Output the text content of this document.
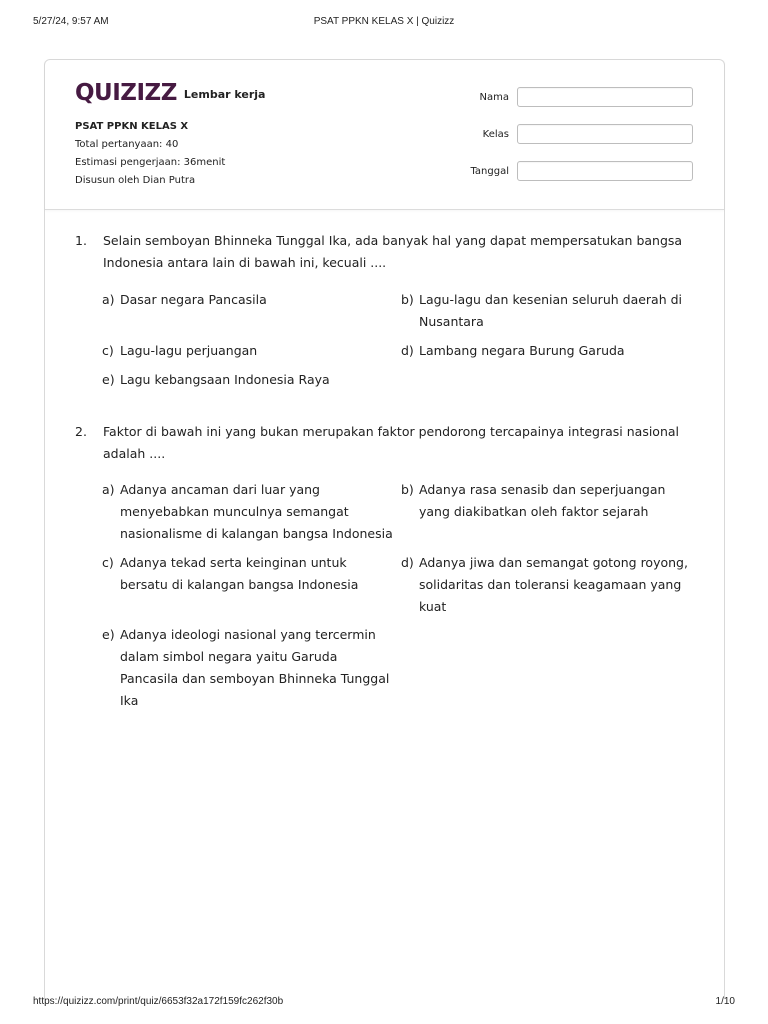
5/27/24, 9:57 AM	PSAT PPKN KELAS X | Quizizz
QUIZIZZ Lembar kerja
PSAT PPKN KELAS X
Total pertanyaan: 40
Estimasi pengerjaan: 36menit
Disusun oleh Dian Putra
Nama
Kelas
Tanggal
1.	Selain semboyan Bhinneka Tunggal Ika, ada banyak hal yang dapat mempersatukan bangsa Indonesia antara lain di bawah ini, kecuali ....
a) Dasar negara Pancasila	b) Lagu-lagu dan kesenian seluruh daerah di Nusantara
c) Lagu-lagu perjuangan	d) Lambang negara Burung Garuda
e) Lagu kebangsaan Indonesia Raya
2.	Faktor di bawah ini yang bukan merupakan faktor pendorong tercapainya integrasi nasional adalah ....
a) Adanya ancaman dari luar yang menyebabkan munculnya semangat nasionalisme di kalangan bangsa Indonesia
b) Adanya rasa senasib dan seperjuangan yang diakibatkan oleh faktor sejarah
c) Adanya tekad serta keinginan untuk bersatu di kalangan bangsa Indonesia
d) Adanya jiwa dan semangat gotong royong, solidaritas dan toleransi keagamaan yang kuat
e) Adanya ideologi nasional yang tercermin dalam simbol negara yaitu Garuda Pancasila dan semboyan Bhinneka Tunggal Ika
https://quizizz.com/print/quiz/6653f32a172f159fc262f30b	1/10
